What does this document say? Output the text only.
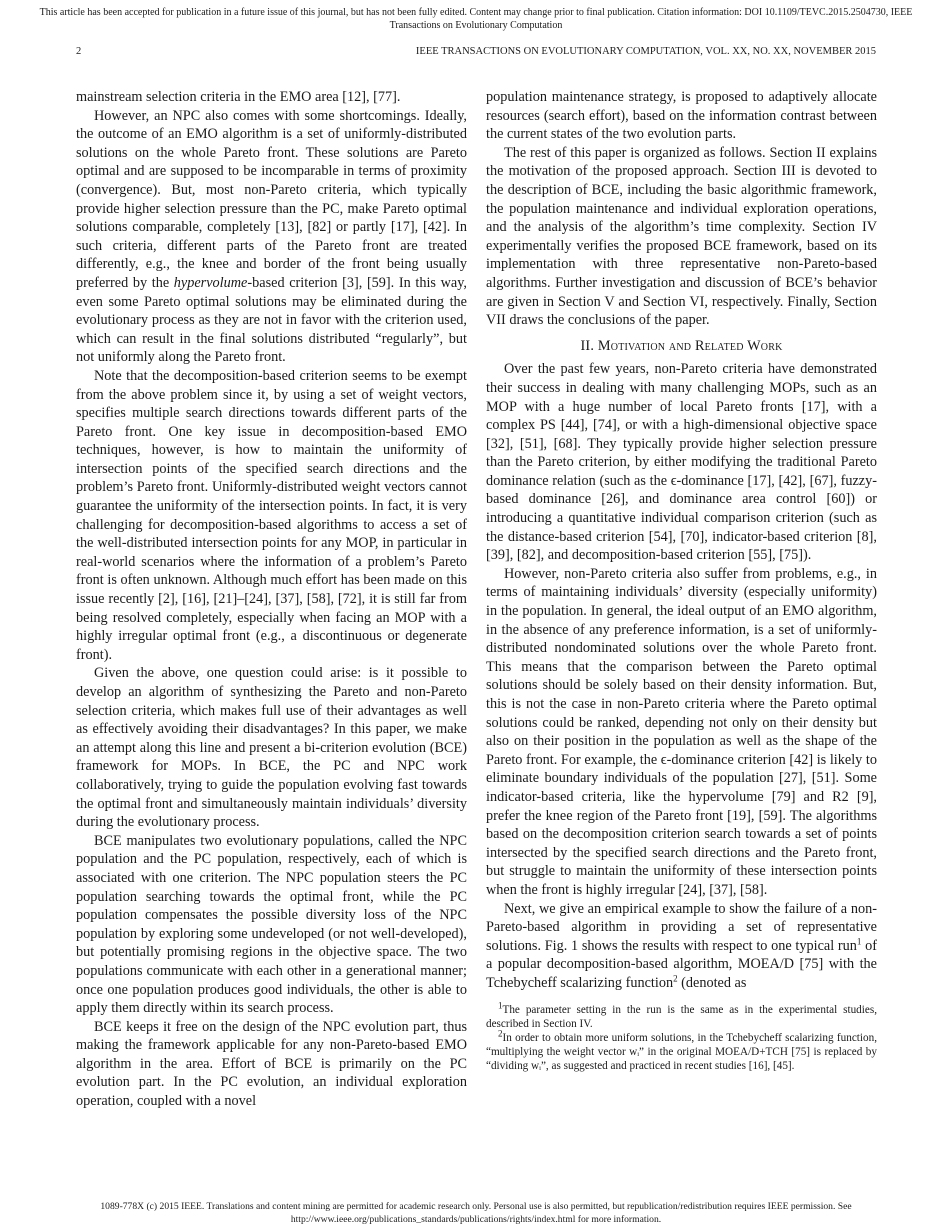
This article has been accepted for publication in a future issue of this journal, but has not been fully edited. Content may change prior to final publication. Citation information: DOI 10.1109/TEVC.2015.2504730, IEEE
Transactions on Evolutionary Computation
2	IEEE TRANSACTIONS ON EVOLUTIONARY COMPUTATION, VOL. XX, NO. XX, NOVEMBER 2015

mainstream selection criteria in the EMO area [12], [77].

However, an NPC also comes with some shortcomings. Ideally, the outcome of an EMO algorithm is a set of uniformly-distributed solutions on the whole Pareto front. These solutions are Pareto optimal and are supposed to be incomparable in terms of proximity (convergence). But, most non-Pareto criteria, which typically provide higher selection pressure than the PC, make Pareto optimal solutions comparable, completely [13], [82] or partly [17], [42]. In such criteria, different parts of the Pareto front are treated differently, e.g., the knee and border of the front being usually preferred by the hypervolume-based criterion [3], [59]. In this way, even some Pareto optimal solutions may be eliminated during the evolutionary process as they are not in favor with the criterion used, which can result in the final solutions distributed “regularly”, but not uniformly along the Pareto front.

Note that the decomposition-based criterion seems to be exempt from the above problem since it, by using a set of weight vectors, specifies multiple search directions towards different parts of the Pareto front. One key issue in decomposition-based EMO techniques, however, is how to maintain the uniformity of intersection points of the specified search directions and the problem’s Pareto front. Uniformly-distributed weight vectors cannot guarantee the uniformity of the intersection points. In fact, it is very challenging for decomposition-based algorithms to access a set of the well-distributed intersection points for any MOP, in particular in real-world scenarios where the information of a problem’s Pareto front is often unknown. Although much effort has been made on this issue recently [2], [16], [21]–[24], [37], [58], [72], it is still far from being resolved completely, especially when facing an MOP with a highly irregular optimal front (e.g., a discontinuous or degenerate front).

Given the above, one question could arise: is it possible to develop an algorithm of synthesizing the Pareto and non-Pareto selection criteria, which makes full use of their advantages as well as effectively avoiding their disadvantages? In this paper, we make an attempt along this line and present a bi-criterion evolution (BCE) framework for MOPs. In BCE, the PC and NPC work collaboratively, trying to guide the population evolving fast towards the optimal front and simultaneously maintain individuals’ diversity during the evolutionary process.

BCE manipulates two evolutionary populations, called the NPC population and the PC population, respectively, each of which is associated with one criterion. The NPC population steers the PC population searching towards the optimal front, while the PC population compensates the possible diversity loss of the NPC population by exploring some undeveloped (or not well-developed), but potentially promising regions in the objective space. The two populations communicate with each other in a generational manner; once one population produces good individuals, the other is able to apply them directly within its search process.

BCE keeps it free on the design of the NPC evolution part, thus making the framework applicable for any non-Pareto-based EMO algorithm in the area. Effort of BCE is primarily on the PC evolution part. In the PC evolution, an individual exploration operation, coupled with a novel

population maintenance strategy, is proposed to adaptively allocate resources (search effort), based on the information contrast between the current states of the two evolution parts.

The rest of this paper is organized as follows. Section II explains the motivation of the proposed approach. Section III is devoted to the description of BCE, including the basic algorithmic framework, the population maintenance and individual exploration operations, and the analysis of the algorithm’s time complexity. Section IV experimentally verifies the proposed BCE framework, based on its implementation with three representative non-Pareto-based algorithms. Further investigation and discussion of BCE’s behavior are given in Section V and Section VI, respectively. Finally, Section VII draws the conclusions of the paper.

II. Motivation and Related Work

Over the past few years, non-Pareto criteria have demonstrated their success in dealing with many challenging MOPs, such as an MOP with a huge number of local Pareto fronts [17], with a complex PS [44], [74], or with a high-dimensional objective space [32], [51], [68]. They typically provide higher selection pressure than the Pareto criterion, by either modifying the traditional Pareto dominance relation (such as the ϵ-dominance [17], [42], [67], fuzzy-based dominance [26], and dominance area control [60]) or introducing a quantitative individual comparison criterion (such as the distance-based criterion [54], [70], indicator-based criterion [8], [39], [82], and decomposition-based criterion [55], [75]).

However, non-Pareto criteria also suffer from problems, e.g., in terms of maintaining individuals’ diversity (especially uniformity) in the population. In general, the ideal output of an EMO algorithm, in the absence of any preference information, is a set of uniformly-distributed nondominated solutions over the whole Pareto front. This means that the comparison between the Pareto optimal solutions should be solely based on their density information. But, this is not the case in non-Pareto criteria where the Pareto optimal solutions could be ranked, depending not only on their density but also on their position in the population as well as the shape of the Pareto front. For example, the ϵ-dominance criterion [42] is likely to eliminate boundary individuals of the population [27], [51]. Some indicator-based criteria, like the hypervolume [79] and R2 [9], prefer the knee region of the Pareto front [19], [59]. The algorithms based on the decomposition criterion search towards a set of points intersected by the specified search directions and the Pareto front, but struggle to maintain the uniformity of these intersection points when the front is highly irregular [24], [37], [58].

Next, we give an empirical example to show the failure of a non-Pareto-based algorithm in providing a set of representative solutions. Fig. 1 shows the results with respect to one typical run$^1$ of a popular decomposition-based algorithm, MOEA/D [75] with the Tchebycheff scalarizing function$^2$ (denoted as

$^1$The parameter setting in the run is the same as in the experimental studies, described in Section IV.

$^2$In order to obtain more uniform solutions, in the Tchebycheff scalarizing function, “multiplying the weight vector wᵢ” in the original MOEA/D+TCH [75] is replaced by “dividing wᵢ”, as suggested and practiced in recent studies [16], [45].

1089-778X (c) 2015 IEEE. Translations and content mining are permitted for academic research only. Personal use is also permitted, but republication/redistribution requires IEEE permission. See
http://www.ieee.org/publications_standards/publications/rights/index.html for more information.
